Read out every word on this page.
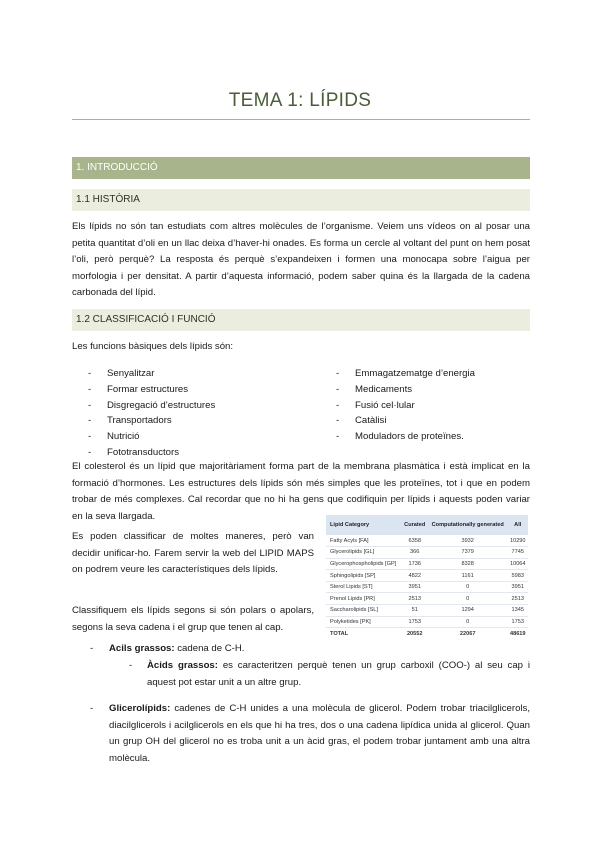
TEMA 1: LÍPIDS
1. INTRODUCCIÓ
1.1 HISTÒRIA

Els lípids no són tan estudiats com altres molècules de l’organisme. Veiem uns vídeos on al posar una petita quantitat d’oli en un llac deixa d’haver-hi onades. Es forma un cercle al voltant del punt on hem posat l’oli, però perquè? La resposta és perquè s’expandeixen i formen una monocapa sobre l’aigua per morfologia i per densitat. A partir d’aquesta informació, podem saber quina és la llargada de la cadena carbonada del lípid.

1.2 CLASSIFICACIÓ I FUNCIÓ

Les funcions bàsiques dels lípids són:

- Senyalitzar
- Formar estructures
- Disgregació d’estructures
- Transportadors
- Nutrició
- Fototransductors
- Emmagatzematge d’energia
- Medicaments
- Fusió cel·lular
- Catàlisi
- Moduladors de proteïnes.

El colesterol és un lípid que majoritàriament forma part de la membrana plasmàtica i està implicat en la formació d’hormones. Les estructures dels lípids són més simples que les proteïnes, tot i que en podem trobar de més complexes. Cal recordar que no hi ha gens que codifiquin per lípids i aquests poden variar en la seva llargada.

Es poden classificar de moltes maneres, però van decidir unificar-ho. Farem servir la web del LIPID MAPS on podrem veure les característiques dels lípids.

Classifiquem els lípids segons si són polars o apolars, segons la seva cadena i el grup que tenen al cap.

Lipid Category	Curated	Computationally generated	All
Fatty Acyls [FA]	6358	3932	10290
Glycerolipids [GL]	366	7379	7745
Glycerophospholipids [GP]	1736	8328	10064
Sphingolipids [SP]	4822	1161	5983
Sterol Lipids [ST]	3951	0	3951
Prenol Lipids [PR]	2513	0	2513
Saccharolipids [SL]	51	1294	1345
Polyketides [PK]	1753	0	1753
TOTAL	20552	22067	48619
- Acils grassos: cadena de C-H.
- Àcids grassos: es caracteritzen perquè tenen un grup carboxil (COO-) al seu cap i aquest pot estar unit a un altre grup.
- Glicerolípids: cadenes de C-H unides a una molècula de glicerol. Podem trobar triacilglicerols, diacilglicerols i acilglicerols en els que hi ha tres, dos o una cadena lipídica unida al glicerol. Quan un grup OH del glicerol no es troba unit a un àcid gras, el podem trobar juntament amb una altra molècula.
